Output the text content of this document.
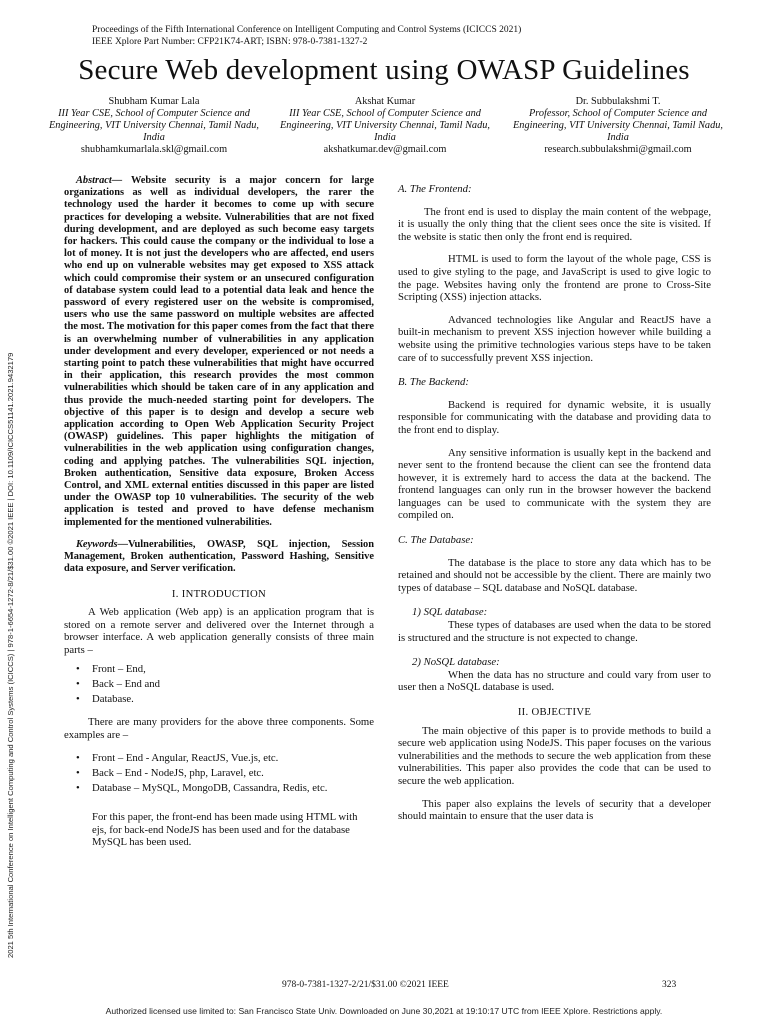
Proceedings of the Fifth International Conference on Intelligent Computing and Control Systems (ICICCS 2021)
IEEE Xplore Part Number: CFP21K74-ART; ISBN: 978-0-7381-1327-2
Secure Web development using OWASP Guidelines
Shubham Kumar Lala
III Year CSE, School of Computer Science and Engineering, VIT University Chennai, Tamil Nadu, India
shubhamkumarlala.skl@gmail.com
Akshat Kumar
III Year CSE, School of Computer Science and Engineering, VIT University Chennai, Tamil Nadu, India
akshatkumar.dev@gmail.com
Dr. Subbulakshmi T.
Professor, School of Computer Science and Engineering, VIT University Chennai, Tamil Nadu, India
research.subbulakshmi@gmail.com
2021 5th International Conference on Intelligent Computing and Control Systems (ICICCS) | 978-1-6654-1272-8/21/$31.00 ©2021 IEEE | DOI: 10.1109/ICICCS51141.2021.9432179

Abstract— Website security is a major concern for large organizations as well as individual developers, the rarer the technology used the harder it becomes to come up with secure practices for developing a website. Vulnerabilities that are not fixed during development, and are deployed as such become easy targets for hackers. This could cause the company or the individual to lose a lot of money. It is not just the developers who are affected, end users who end up on vulnerable websites may get exposed to XSS attack which could compromise their system or an unsecured configuration of database system could lead to a potential data leak and hence the password of every registered user on the website is compromised, users who use the same password on multiple websites are affected the most. The motivation for this paper comes from the fact that there is an overwhelming number of vulnerabilities in any application under development and every developer, experienced or not needs a starting point to patch these vulnerabilities that might have occurred in their application, this research provides the most common vulnerabilities which should be taken care of in any application and thus provide the much-needed starting point for developers. The objective of this paper is to design and develop a secure web application according to Open Web Application Security Project (OWASP) guidelines. This paper highlights the mitigation of vulnerabilities in the web application using configuration changes, coding and applying patches. The vulnerabilities SQL injection, Broken authentication, Sensitive data exposure, Broken Access Control, and XML external entities discussed in this paper are listed under the OWASP top 10 vulnerabilities. The security of the web application is tested and proved to have defense mechanism implemented for the mentioned vulnerabilities.

Keywords—Vulnerabilities, OWASP, SQL injection, Session Management, Broken authentication, Password Hashing, Sensitive data exposure, and Server verification.

I. INTRODUCTION

A Web application (Web app) is an application program that is stored on a remote server and delivered over the Internet through a browser interface. A web application generally consists of three main parts –

• Front – End,
• Back – End and
• Database.

There are many providers for the above three components. Some examples are –

• Front – End - Angular, ReactJS, Vue.js, etc.
• Back – End - NodeJS, php, Laravel, etc.
• Database – MySQL, MongoDB, Cassandra, Redis, etc.

For this paper, the front-end has been made using HTML with ejs, for back-end NodeJS has been used and for the database MySQL has been used.

A. The Frontend:

The front end is used to display the main content of the webpage, it is usually the only thing that the client sees once the site is visited. If the website is static then only the front end is required.

HTML is used to form the layout of the whole page, CSS is used to give styling to the page, and JavaScript is used to give logic to the page. Websites having only the frontend are prone to Cross-Site Scripting (XSS) injection attacks.

Advanced technologies like Angular and ReactJS have a built-in mechanism to prevent XSS injection however while building a website using the primitive technologies various steps have to be taken care of to successfully prevent XSS injection.

B. The Backend:

Backend is required for dynamic website, it is usually responsible for communicating with the database and providing data to the front end to display.

Any sensitive information is usually kept in the backend and never sent to the frontend because the client can see the frontend data however, it is extremely hard to access the data at the backend. The frontend languages can only run in the browser however the backend languages can be used to communicate with the system they are compiled on.

C. The Database:

The database is the place to store any data which has to be retained and should not be accessible by the client. There are mainly two types of database – SQL database and NoSQL database.

1) SQL database:

These types of databases are used when the data to be stored is structured and the structure is not expected to change.

2) NoSQL database:

When the data has no structure and could vary from user to user then a NoSQL database is used.

II. OBJECTIVE

The main objective of this paper is to provide methods to build a secure web application using NodeJS. This paper focuses on the various vulnerabilities and the methods to secure the web application from these vulnerabilities. This paper also provides the code that can be used to secure the web application.

This paper also explains the levels of security that a developer should maintain to ensure that the user data is

978-0-7381-1327-2/21/$31.00 ©2021 IEEE	323
Authorized licensed use limited to: San Francisco State Univ. Downloaded on June 30,2021 at 19:10:17 UTC from IEEE Xplore. Restrictions apply.
